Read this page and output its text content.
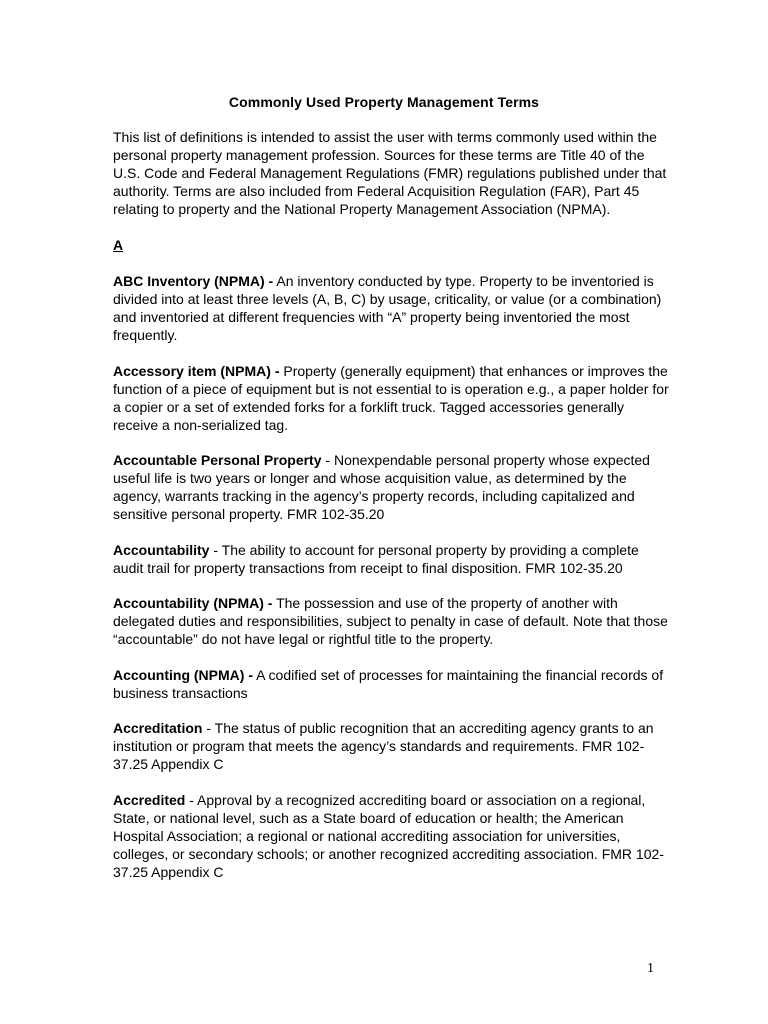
Commonly Used Property Management Terms

This list of definitions is intended to assist the user with terms commonly used within the personal property management profession. Sources for these terms are Title 40 of the U.S. Code and Federal Management Regulations (FMR) regulations published under that authority. Terms are also included from Federal Acquisition Regulation (FAR), Part 45 relating to property and the National Property Management Association (NPMA).

A

ABC Inventory (NPMA) - An inventory conducted by type. Property to be inventoried is divided into at least three levels (A, B, C) by usage, criticality, or value (or a combination) and inventoried at different frequencies with “A” property being inventoried the most frequently.

Accessory item (NPMA) - Property (generally equipment) that enhances or improves the function of a piece of equipment but is not essential to is operation e.g., a paper holder for a copier or a set of extended forks for a forklift truck. Tagged accessories generally receive a non-serialized tag.

Accountable Personal Property - Nonexpendable personal property whose expected useful life is two years or longer and whose acquisition value, as determined by the agency, warrants tracking in the agency’s property records, including capitalized and sensitive personal property. FMR 102-35.20

Accountability - The ability to account for personal property by providing a complete audit trail for property transactions from receipt to final disposition. FMR 102-35.20

Accountability (NPMA) - The possession and use of the property of another with delegated duties and responsibilities, subject to penalty in case of default. Note that those “accountable” do not have legal or rightful title to the property.

Accounting (NPMA) - A codified set of processes for maintaining the financial records of business transactions

Accreditation - The status of public recognition that an accrediting agency grants to an institution or program that meets the agency’s standards and requirements. FMR 102-37.25 Appendix C

Accredited - Approval by a recognized accrediting board or association on a regional, State, or national level, such as a State board of education or health; the American Hospital Association; a regional or national accrediting association for universities, colleges, or secondary schools; or another recognized accrediting association. FMR 102-37.25 Appendix C

1
